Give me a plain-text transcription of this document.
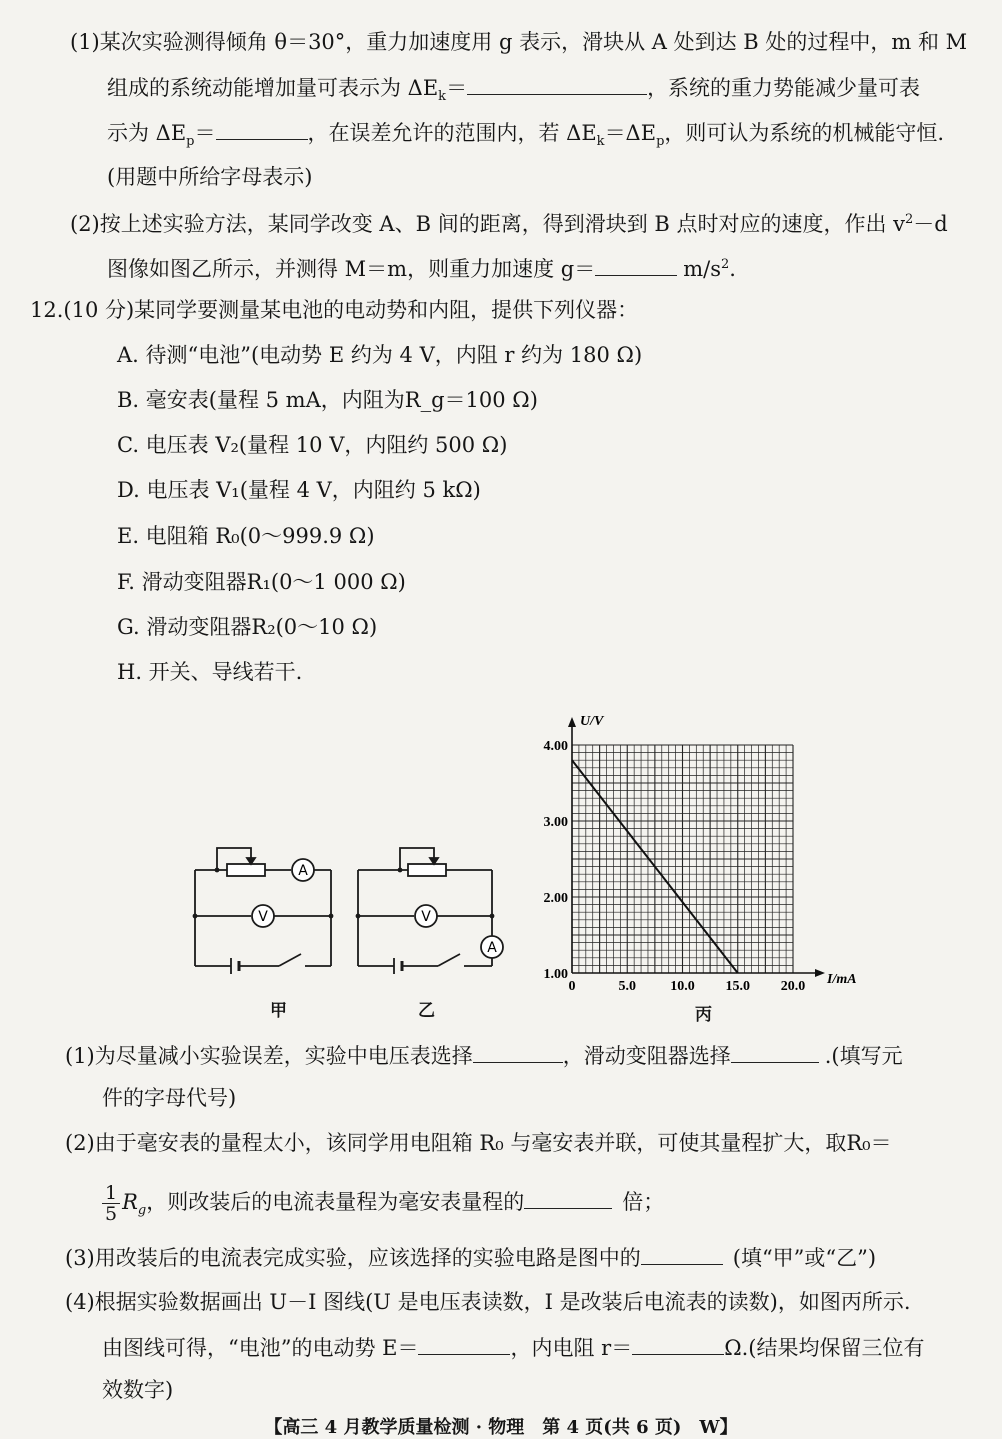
(1)某次实验测得倾角 θ＝30°，重力加速度用 g 表示，滑块从 A 处到达 B 处的过程中，m 和 M
组成的系统动能增加量可表示为 $\Delta E_k=$	，系统的重力势能减少量可表
示为 $\Delta E_p=$	，在误差允许的范围内，若 $\Delta E_k=\Delta E_p$，则可认为系统的机械能守恒.
(用题中所给字母表示)
(2)按上述实验方法，某同学改变 A、B 间的距离，得到滑块到 B 点时对应的速度，作出 $v^2-d$
图像如图乙所示，并测得 M＝m，则重力加速度 g＝	$m/s^2$.
12.(10 分)某同学要测量某电池的电动势和内阻，提供下列仪器：
A. 待测“电池”(电动势 E 约为 4 V，内阻 r 约为 180 Ω)
B. 毫安表(量程 5 mA，内阻为R_g＝100 Ω)
C. 电压表 V₂(量程 10 V，内阻约 500 Ω)
D. 电压表 V₁(量程 4 V，内阻约 5 kΩ)
E. 电阻箱 R₀(0～999.9 Ω)
F. 滑动变阻器R₁(0～1 000 Ω)
G. 滑动变阻器R₂(0～10 Ω)
H. 开关、导线若干.
A
V
甲
A
V
乙
0	5.0 10.0 15.0 20.0
1.00
2.00
3.00
4.00
U/V
I/mA
丙
(1)为尽量减小实验误差，实验中电压表选择	，滑动变阻器选择	.(填写元
件的字母代号)
(2)由于毫安表的量程太小，该同学用电阻箱 R₀ 与毫安表并联，可使其量程扩大，取R₀＝
$\frac{1}{5} R_g$，则改装后的电流表量程为毫安表量程的	倍；
(3)用改装后的电流表完成实验，应该选择的实验电路是图中的	(填“甲”或“乙”)
(4)根据实验数据画出 U－I 图线(U 是电压表读数，I 是改装后电流表的读数)，如图丙所示.
由图线可得，“电池”的电动势 E＝	，内电阻 r＝	Ω.(结果均保留三位有
效数字)
【高三 4 月教学质量检测 · 物理　第 4 页(共 6 页)　W】
